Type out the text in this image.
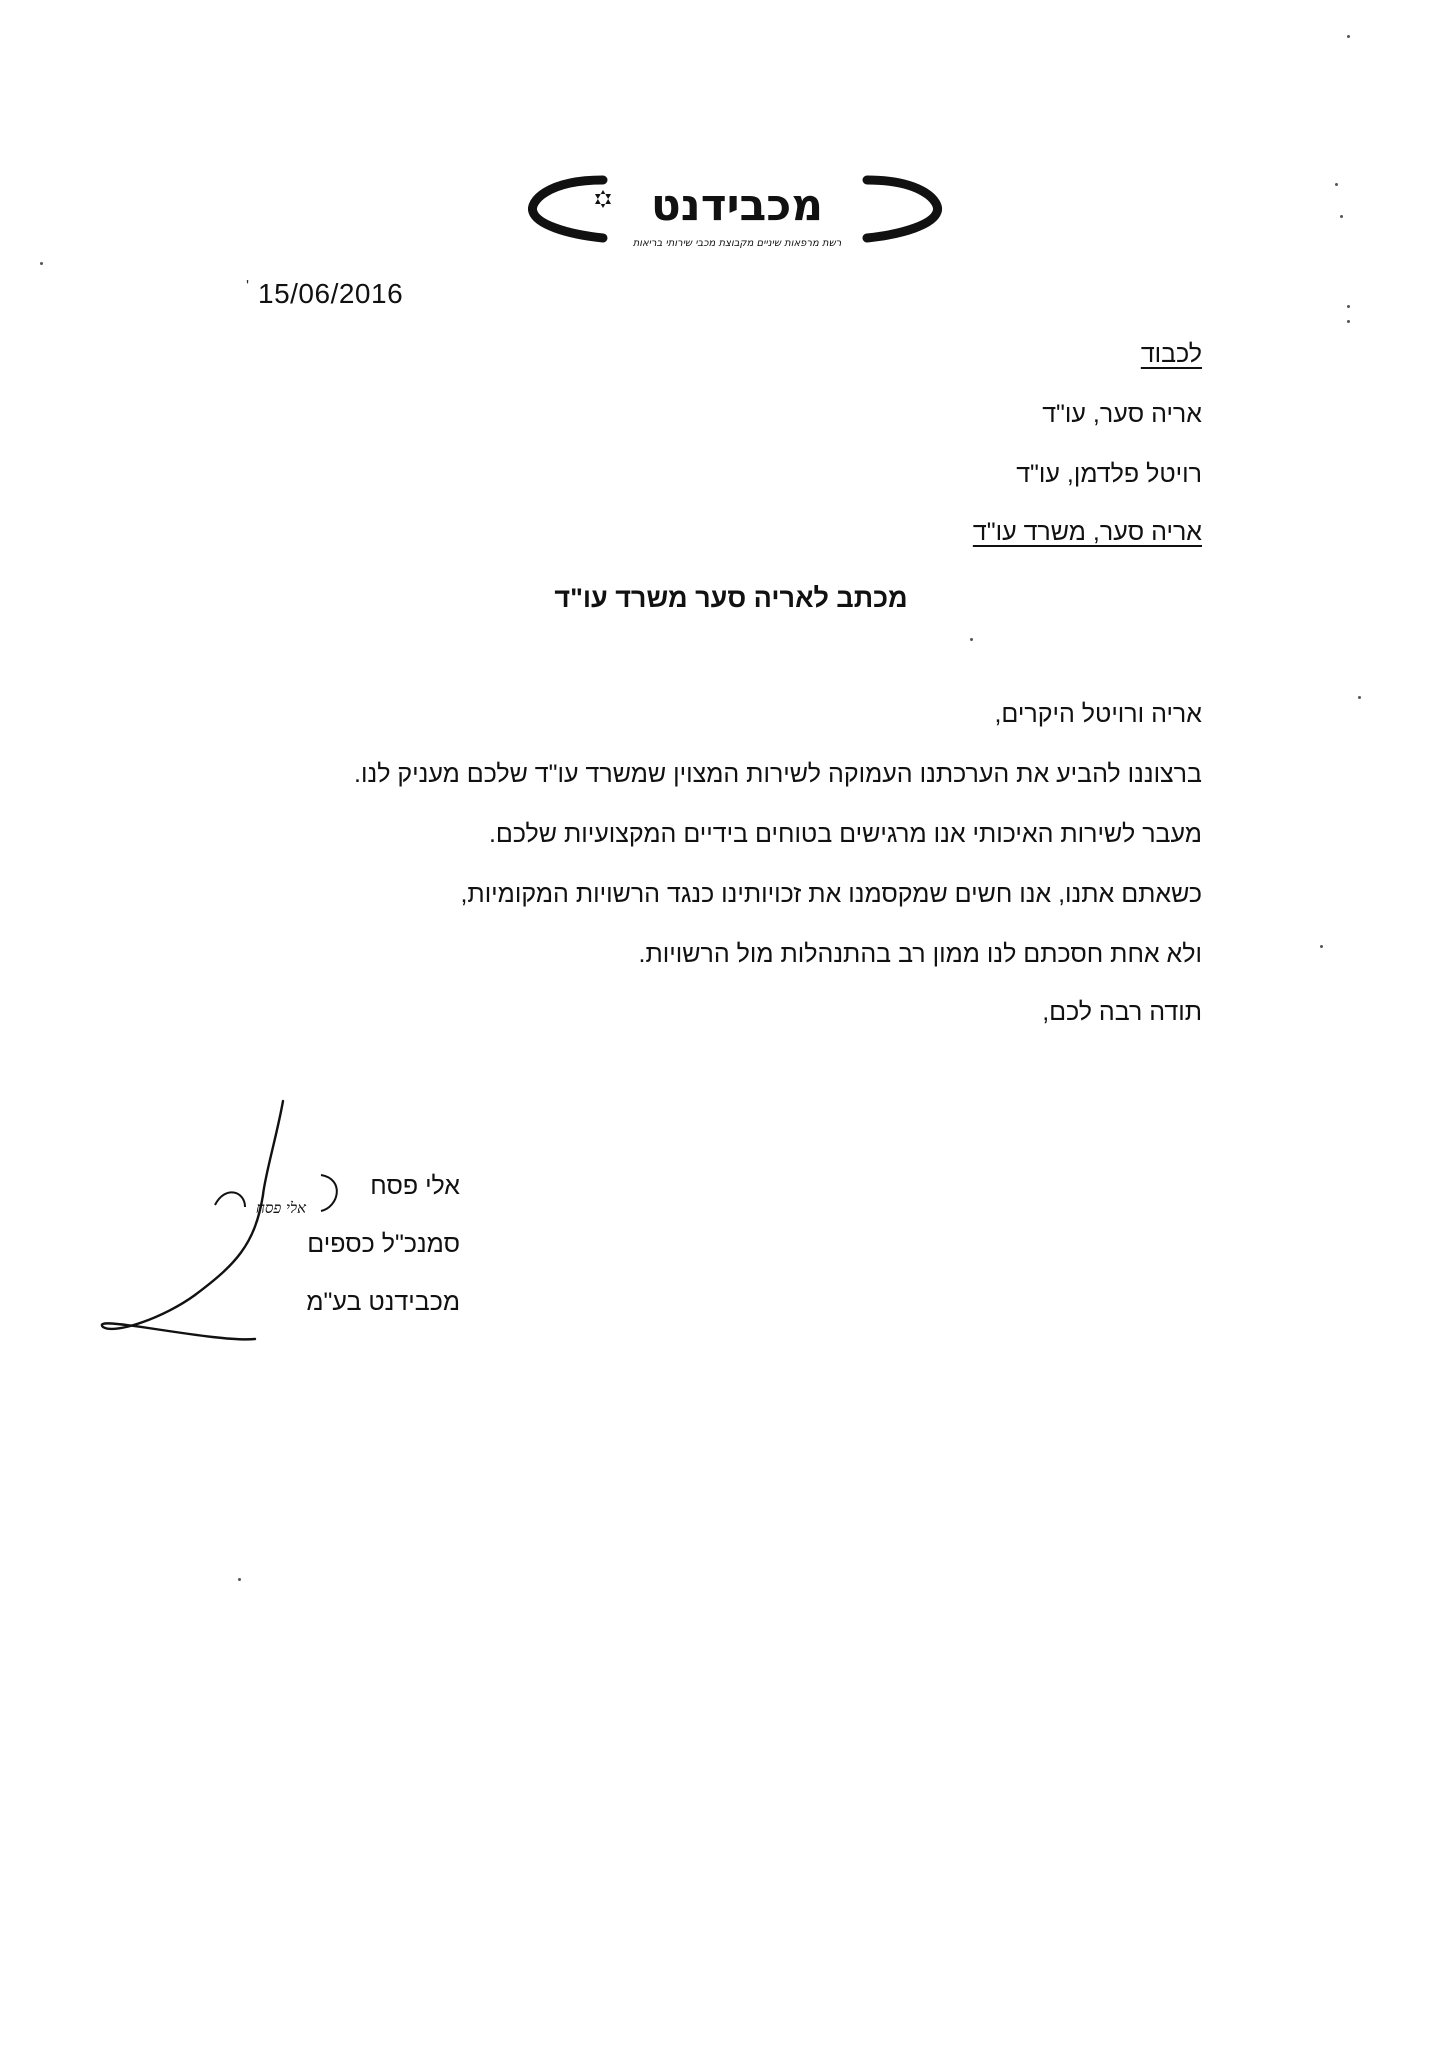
מכבידנט
רשת מרפאות שיניים מקבוצת מכבי שירותי בריאות
' 15/06/2016
לכבוד
אריה סער, עו"ד
רויטל פלדמן, עו"ד
אריה סער, משרד עו"ד
מכתב לאריה סער משרד עו"ד
אריה ורויטל היקרים,
ברצוננו להביע את הערכתנו העמוקה לשירות המצוין שמשרד עו"ד שלכם מעניק לנו.
מעבר לשירות האיכותי אנו מרגישים בטוחים בידיים המקצועיות שלכם.
כשאתם אתנו, אנו חשים שמקסמנו את זכויותינו כנגד הרשויות המקומיות,
ולא אחת חסכתם לנו ממון רב בהתנהלות מול הרשויות.
תודה רבה לכם,
אלי פסח
אלי פסח
סמנכ"ל כספים
מכבידנט בע"מ
